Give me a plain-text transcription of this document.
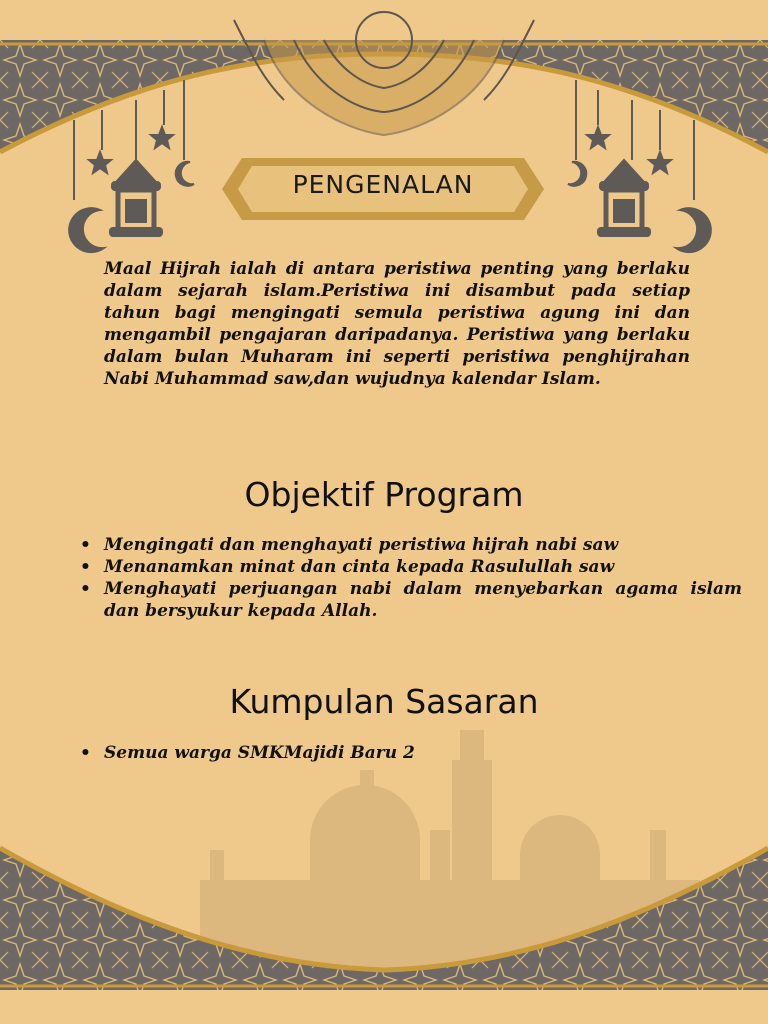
PENGENALAN
Maal Hijrah ialah di antara peristiwa penting yang berlaku dalam sejarah islam.Peristiwa ini disambut pada setiap tahun bagi mengingati semula peristiwa agung ini dan mengambil pengajaran daripadanya. Peristiwa yang berlaku dalam bulan Muharam ini seperti peristiwa penghijrahan Nabi Muhammad saw,dan wujudnya kalendar Islam.
Objektif Program
• Mengingati dan menghayati peristiwa hijrah nabi saw
• Menanamkan minat dan cinta kepada Rasulullah saw
• Menghayati perjuangan nabi dalam menyebarkan agama islam dan bersyukur kepada Allah.
Kumpulan Sasaran
• Semua warga SMKMajidi Baru 2
